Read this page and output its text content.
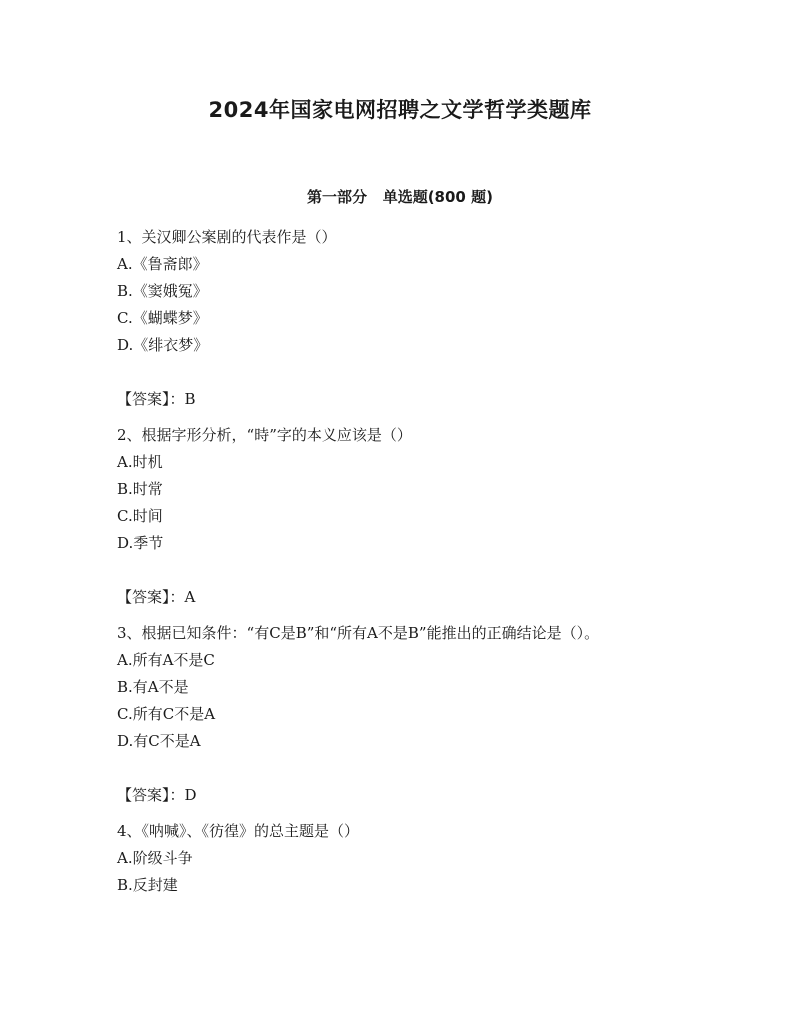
2024年国家电网招聘之文学哲学类题库
第一部分   单选题(800 题)

1、关汉卿公案剧的代表作是（）

A.《鲁斋郎》

B.《窦娥冤》

C.《蝴蝶梦》

D.《绯衣梦》

【答案】：B

2、根据字形分析，“時”字的本义应该是（）

A.时机

B.时常

C.时间

D.季节

【答案】：A

3、根据已知条件：“有C是B”和“所有A不是B”能推出的正确结论是（）。

A.所有A不是C

B.有A不是

C.所有C不是A

D.有C不是A

【答案】：D

4、《呐喊》、《彷徨》的总主题是（）

A.阶级斗争

B.反封建
